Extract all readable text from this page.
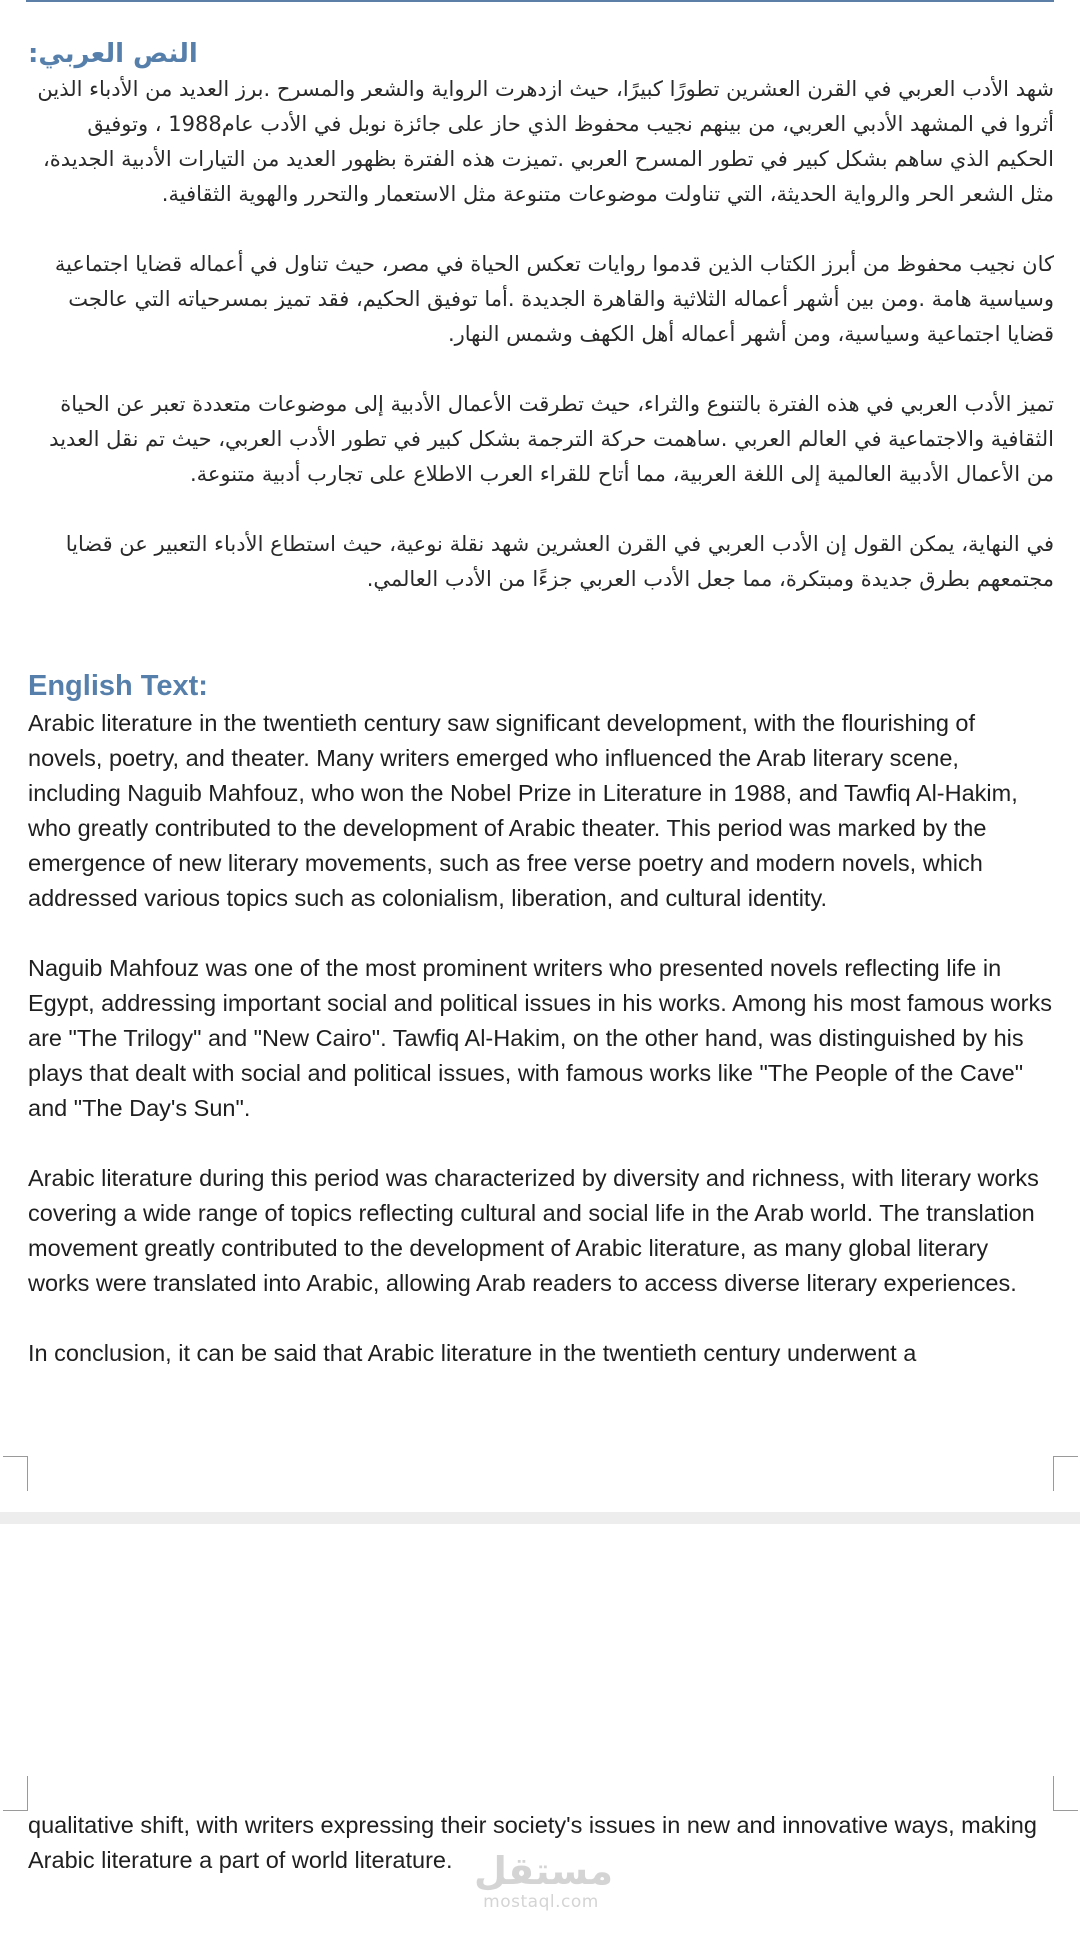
النص العربي:

شهد الأدب العربي في القرن العشرين تطورًا كبيرًا، حيث ازدهرت الرواية والشعر والمسرح .برز العديد من الأدباء الذين أثروا في المشهد الأدبي العربي، من بينهم نجيب محفوظ الذي حاز على جائزة نوبل في الأدب عام1988 ، وتوفيق الحكيم الذي ساهم بشكل كبير في تطور المسرح العربي .تميزت هذه الفترة بظهور العديد من التيارات الأدبية الجديدة، مثل الشعر الحر والرواية الحديثة، التي تناولت موضوعات متنوعة مثل الاستعمار والتحرر والهوية الثقافية.

كان نجيب محفوظ من أبرز الكتاب الذين قدموا روايات تعكس الحياة في مصر، حيث تناول في أعماله قضايا اجتماعية وسياسية هامة .ومن بين أشهر أعماله الثلاثية والقاهرة الجديدة .أما توفيق الحكيم، فقد تميز بمسرحياته التي عالجت قضايا اجتماعية وسياسية، ومن أشهر أعماله أهل الكهف وشمس النهار.

تميز الأدب العربي في هذه الفترة بالتنوع والثراء، حيث تطرقت الأعمال الأدبية إلى موضوعات متعددة تعبر عن الحياة الثقافية والاجتماعية في العالم العربي .ساهمت حركة الترجمة بشكل كبير في تطور الأدب العربي، حيث تم نقل العديد من الأعمال الأدبية العالمية إلى اللغة العربية، مما أتاح للقراء العرب الاطلاع على تجارب أدبية متنوعة.

في النهاية، يمكن القول إن الأدب العربي في القرن العشرين شهد نقلة نوعية، حيث استطاع الأدباء التعبير عن قضايا مجتمعهم بطرق جديدة ومبتكرة، مما جعل الأدب العربي جزءًا من الأدب العالمي.

English Text:

Arabic literature in the twentieth century saw significant development, with the flourishing of novels, poetry, and theater. Many writers emerged who influenced the Arab literary scene, including Naguib Mahfouz, who won the Nobel Prize in Literature in 1988, and Tawfiq Al-Hakim, who greatly contributed to the development of Arabic theater. This period was marked by the emergence of new literary movements, such as free verse poetry and modern novels, which addressed various topics such as colonialism, liberation, and cultural identity.

Naguib Mahfouz was one of the most prominent writers who presented novels reflecting life in Egypt, addressing important social and political issues in his works. Among his most famous works are "The Trilogy" and "New Cairo". Tawfiq Al-Hakim, on the other hand, was distinguished by his plays that dealt with social and political issues, with famous works like "The People of the Cave" and "The Day's Sun".

Arabic literature during this period was characterized by diversity and richness, with literary works covering a wide range of topics reflecting cultural and social life in the Arab world. The translation movement greatly contributed to the development of Arabic literature, as many global literary works were translated into Arabic, allowing Arab readers to access diverse literary experiences.

In conclusion, it can be said that Arabic literature in the twentieth century underwent a

qualitative shift, with writers expressing their society's issues in new and innovative ways, making Arabic literature a part of world literature. مستقل
mostaql.com
